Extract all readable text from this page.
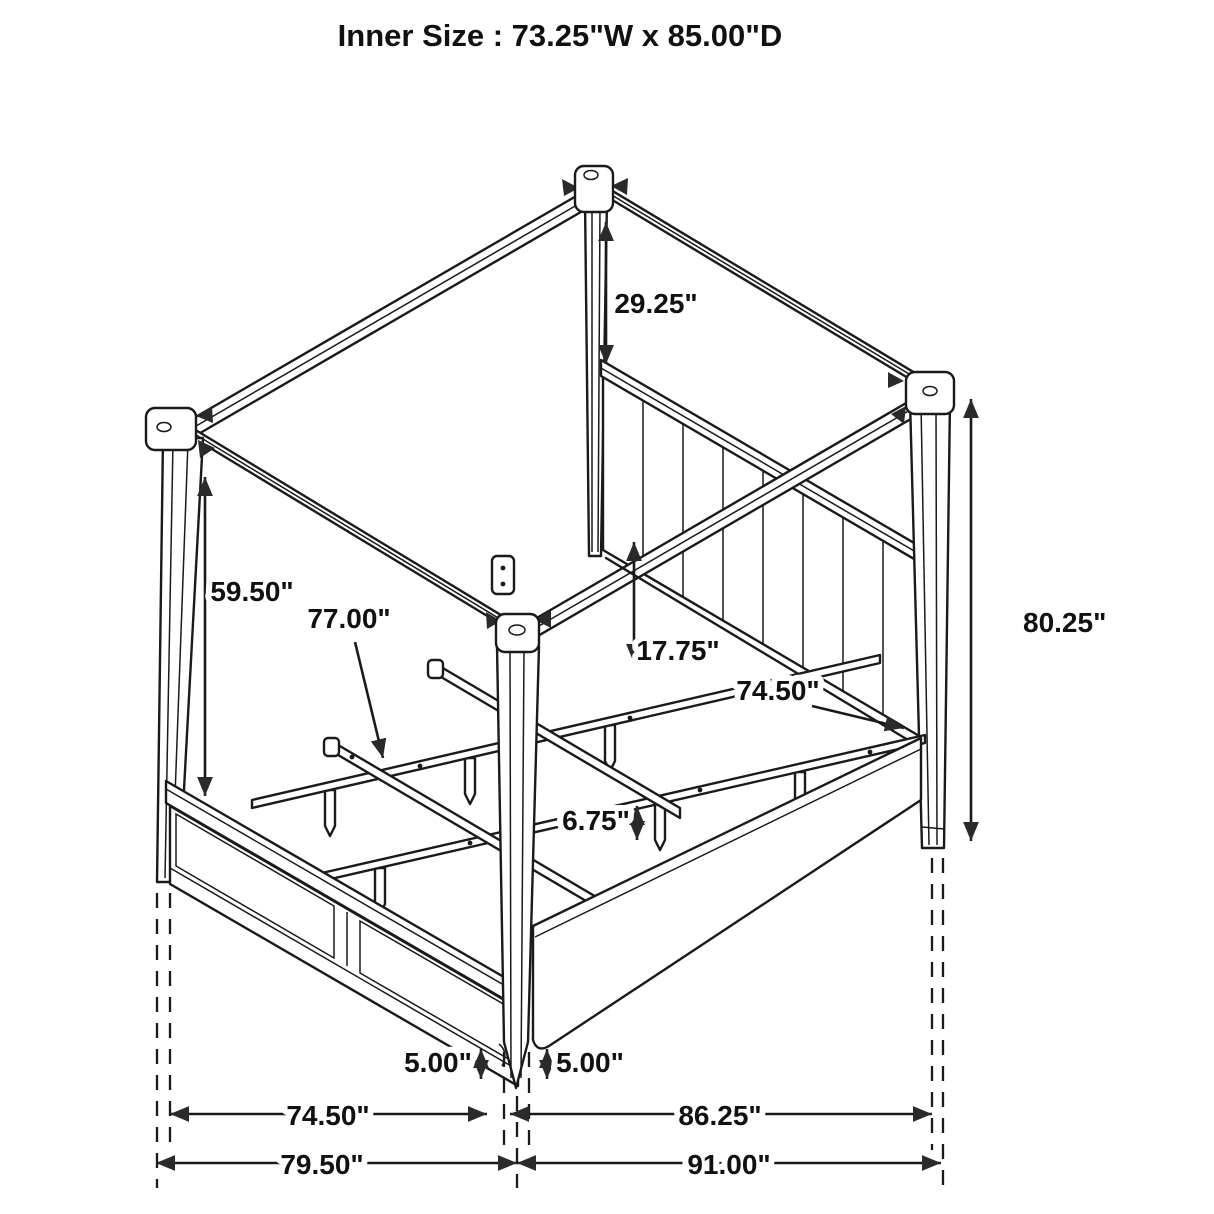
29.25"
59.50"
77.00"
17.75"
74.50"
80.25"
6.75"
5.00"	5.00"
74.50"	86.25"
79.50"	91.00"
Inner Size : 73.25"W x 85.00"D
